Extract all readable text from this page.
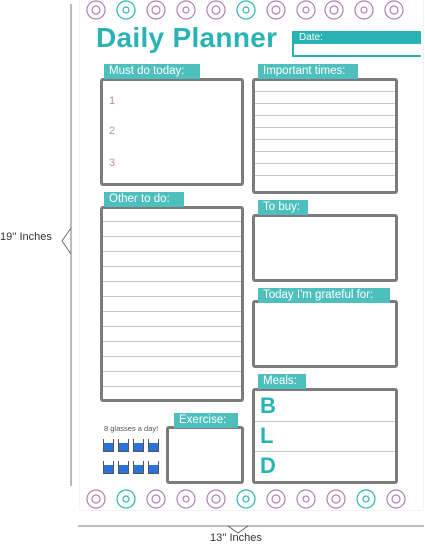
19'' Inches
13'' Inches
Daily Planner	Date:
1
2
3
Must do today:	Important times:
Other to do:
To buy:
Today I'm grateful for:
B
L
D
Meals:
Exercise:
8 glasses a day!
